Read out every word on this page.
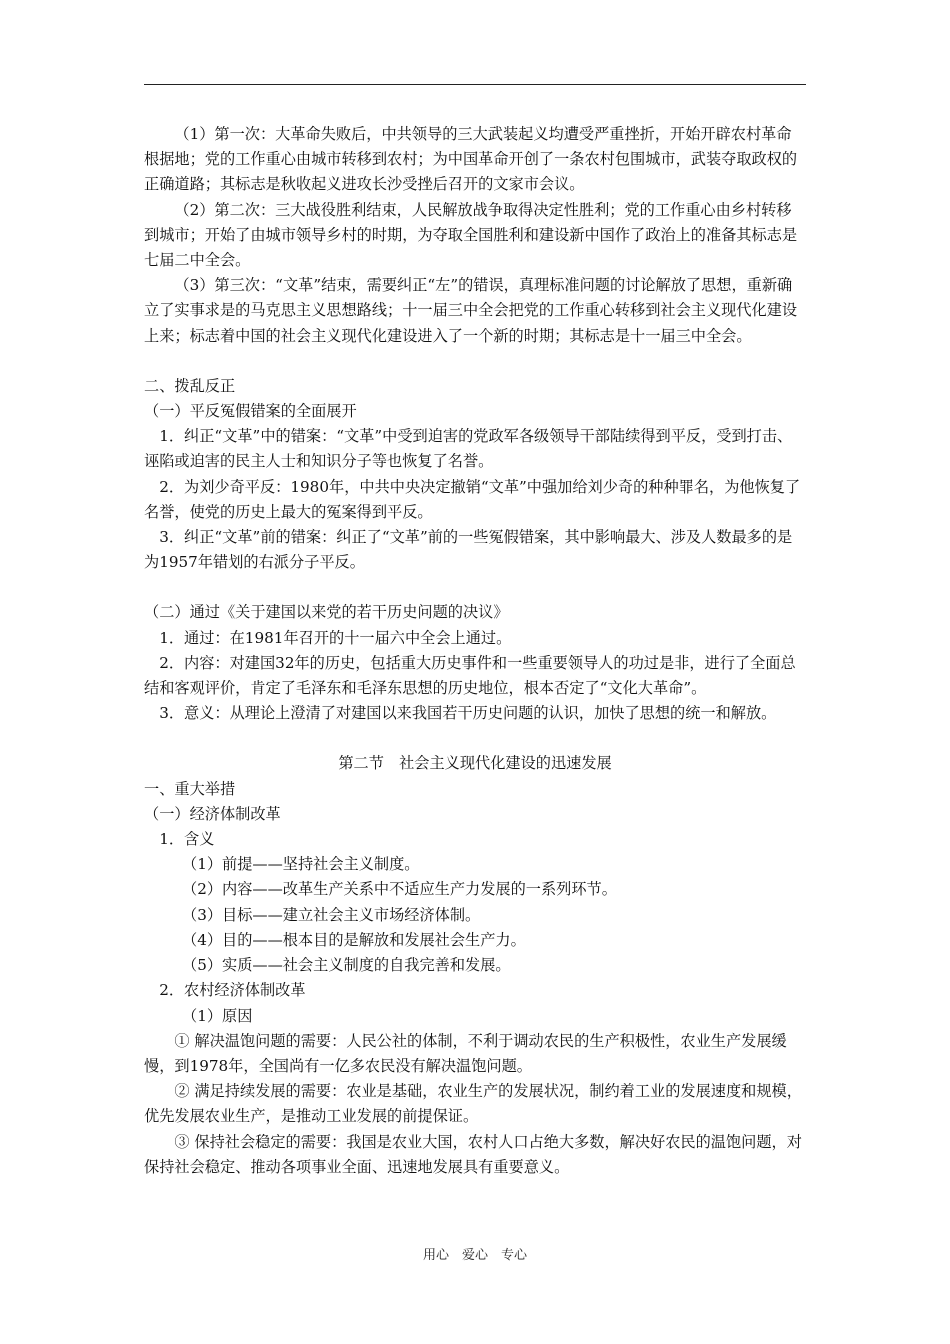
（1）第一次：大革命失败后，中共领导的三大武装起义均遭受严重挫折，开始开辟农村革命根据地；党的工作重心由城市转移到农村；为中国革命开创了一条农村包围城市，武装夺取政权的正确道路；其标志是秋收起义进攻长沙受挫后召开的文家市会议。

（2）第二次：三大战役胜利结束，人民解放战争取得决定性胜利；党的工作重心由乡村转移到城市；开始了由城市领导乡村的时期，为夺取全国胜利和建设新中国作了政治上的准备其标志是七届二中全会。

（3）第三次：“文革”结束，需要纠正“左”的错误，真理标准问题的讨论解放了思想，重新确立了实事求是的马克思主义思想路线；十一届三中全会把党的工作重心转移到社会主义现代化建设上来；标志着中国的社会主义现代化建设进入了一个新的时期；其标志是十一届三中全会。

二、拨乱反正

（一）平反冤假错案的全面展开

1．纠正“文革”中的错案：“文革”中受到迫害的党政军各级领导干部陆续得到平反，受到打击、诬陷或迫害的民主人士和知识分子等也恢复了名誉。

2．为刘少奇平反：1980年，中共中央决定撤销“文革”中强加给刘少奇的种种罪名，为他恢复了名誉，使党的历史上最大的冤案得到平反。

3．纠正“文革”前的错案：纠正了“文革”前的一些冤假错案，其中影响最大、涉及人数最多的是为1957年错划的右派分子平反。

（二）通过《关于建国以来党的若干历史问题的决议》

1．通过：在1981年召开的十一届六中全会上通过。

2．内容：对建国32年的历史，包括重大历史事件和一些重要领导人的功过是非，进行了全面总结和客观评价，肯定了毛泽东和毛泽东思想的历史地位，根本否定了“文化大革命”。

3．意义：从理论上澄清了对建国以来我国若干历史问题的认识，加快了思想的统一和解放。

第二节　社会主义现代化建设的迅速发展

一、重大举措

（一）经济体制改革

1．含义

（1）前提——坚持社会主义制度。

（2）内容——改革生产关系中不适应生产力发展的一系列环节。

（3）目标——建立社会主义市场经济体制。

（4）目的——根本目的是解放和发展社会生产力。

（5）实质——社会主义制度的自我完善和发展。

2．农村经济体制改革

（1）原因

① 解决温饱问题的需要：人民公社的体制，不利于调动农民的生产积极性，农业生产发展缓慢，到1978年，全国尚有一亿多农民没有解决温饱问题。

② 满足持续发展的需要：农业是基础，农业生产的发展状况，制约着工业的发展速度和规模，优先发展农业生产，是推动工业发展的前提保证。

③ 保持社会稳定的需要：我国是农业大国，农村人口占绝大多数，解决好农民的温饱问题，对保持社会稳定、推动各项事业全面、迅速地发展具有重要意义。

用心　爱心　专心
